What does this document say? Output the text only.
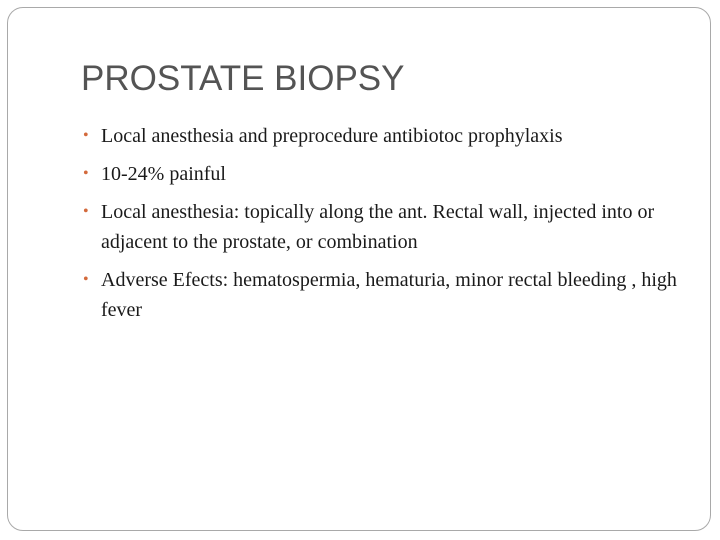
PROSTATE BIOPSY
• Local anesthesia and preprocedure antibiotoc prophylaxis
• 10-24% painful
• Local anesthesia: topically along the ant. Rectal wall, injected into or adjacent to the prostate, or combination
• Adverse Efects: hematospermia, hematuria, minor rectal bleeding , high fever
